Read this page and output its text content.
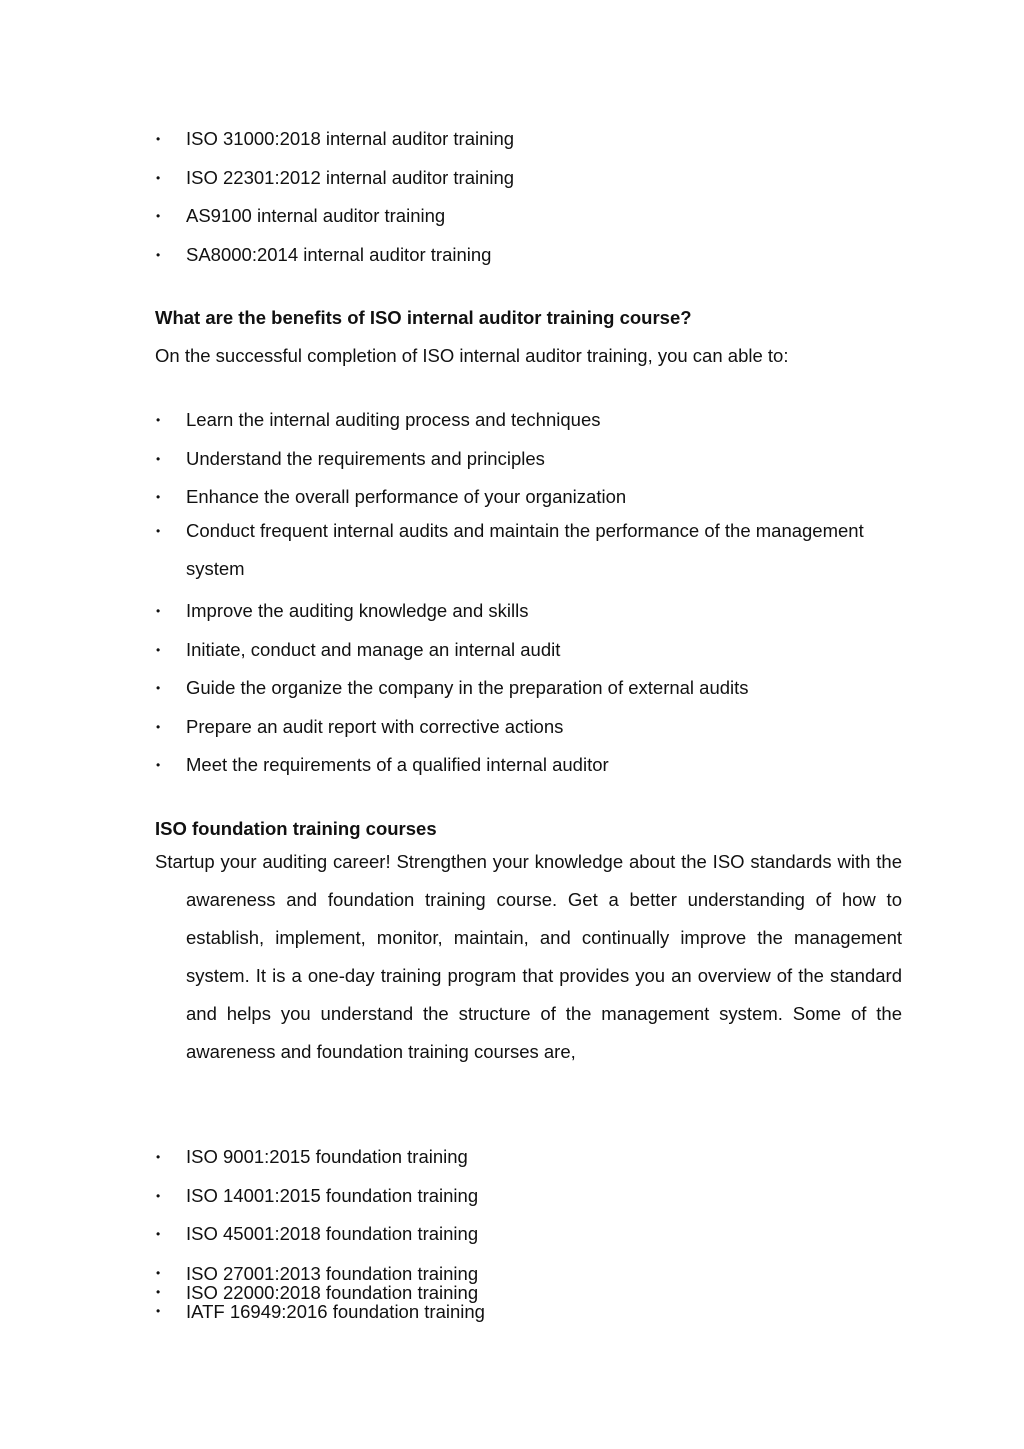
• ISO 31000:2018 internal auditor training
• ISO 22301:2012 internal auditor training
• AS9100 internal auditor training
• SA8000:2014 internal auditor training
What are the benefits of ISO internal auditor training course?
On the successful completion of ISO internal auditor training, you can able to:
• Learn the internal auditing process and techniques
• Understand the requirements and principles
• Enhance the overall performance of your organization
• Conduct frequent internal audits and maintain the performance of the management system
• Improve the auditing knowledge and skills
• Initiate, conduct and manage an internal audit
• Guide the organize the company in the preparation of external audits
• Prepare an audit report with corrective actions
• Meet the requirements of a qualified internal auditor
ISO foundation training courses
Startup your auditing career! Strengthen your knowledge about the ISO standards with the awareness and foundation training course. Get a better understanding of how to establish, implement, monitor, maintain, and continually improve the management system. It is a one-day training program that provides you an overview of the standard and helps you understand the structure of the management system. Some of the awareness and foundation training courses are,
• ISO 9001:2015 foundation training
• ISO 14001:2015 foundation training
• ISO 45001:2018 foundation training
• ISO 27001:2013 foundation training
• ISO 22000:2018 foundation training
• IATF 16949:2016 foundation training
